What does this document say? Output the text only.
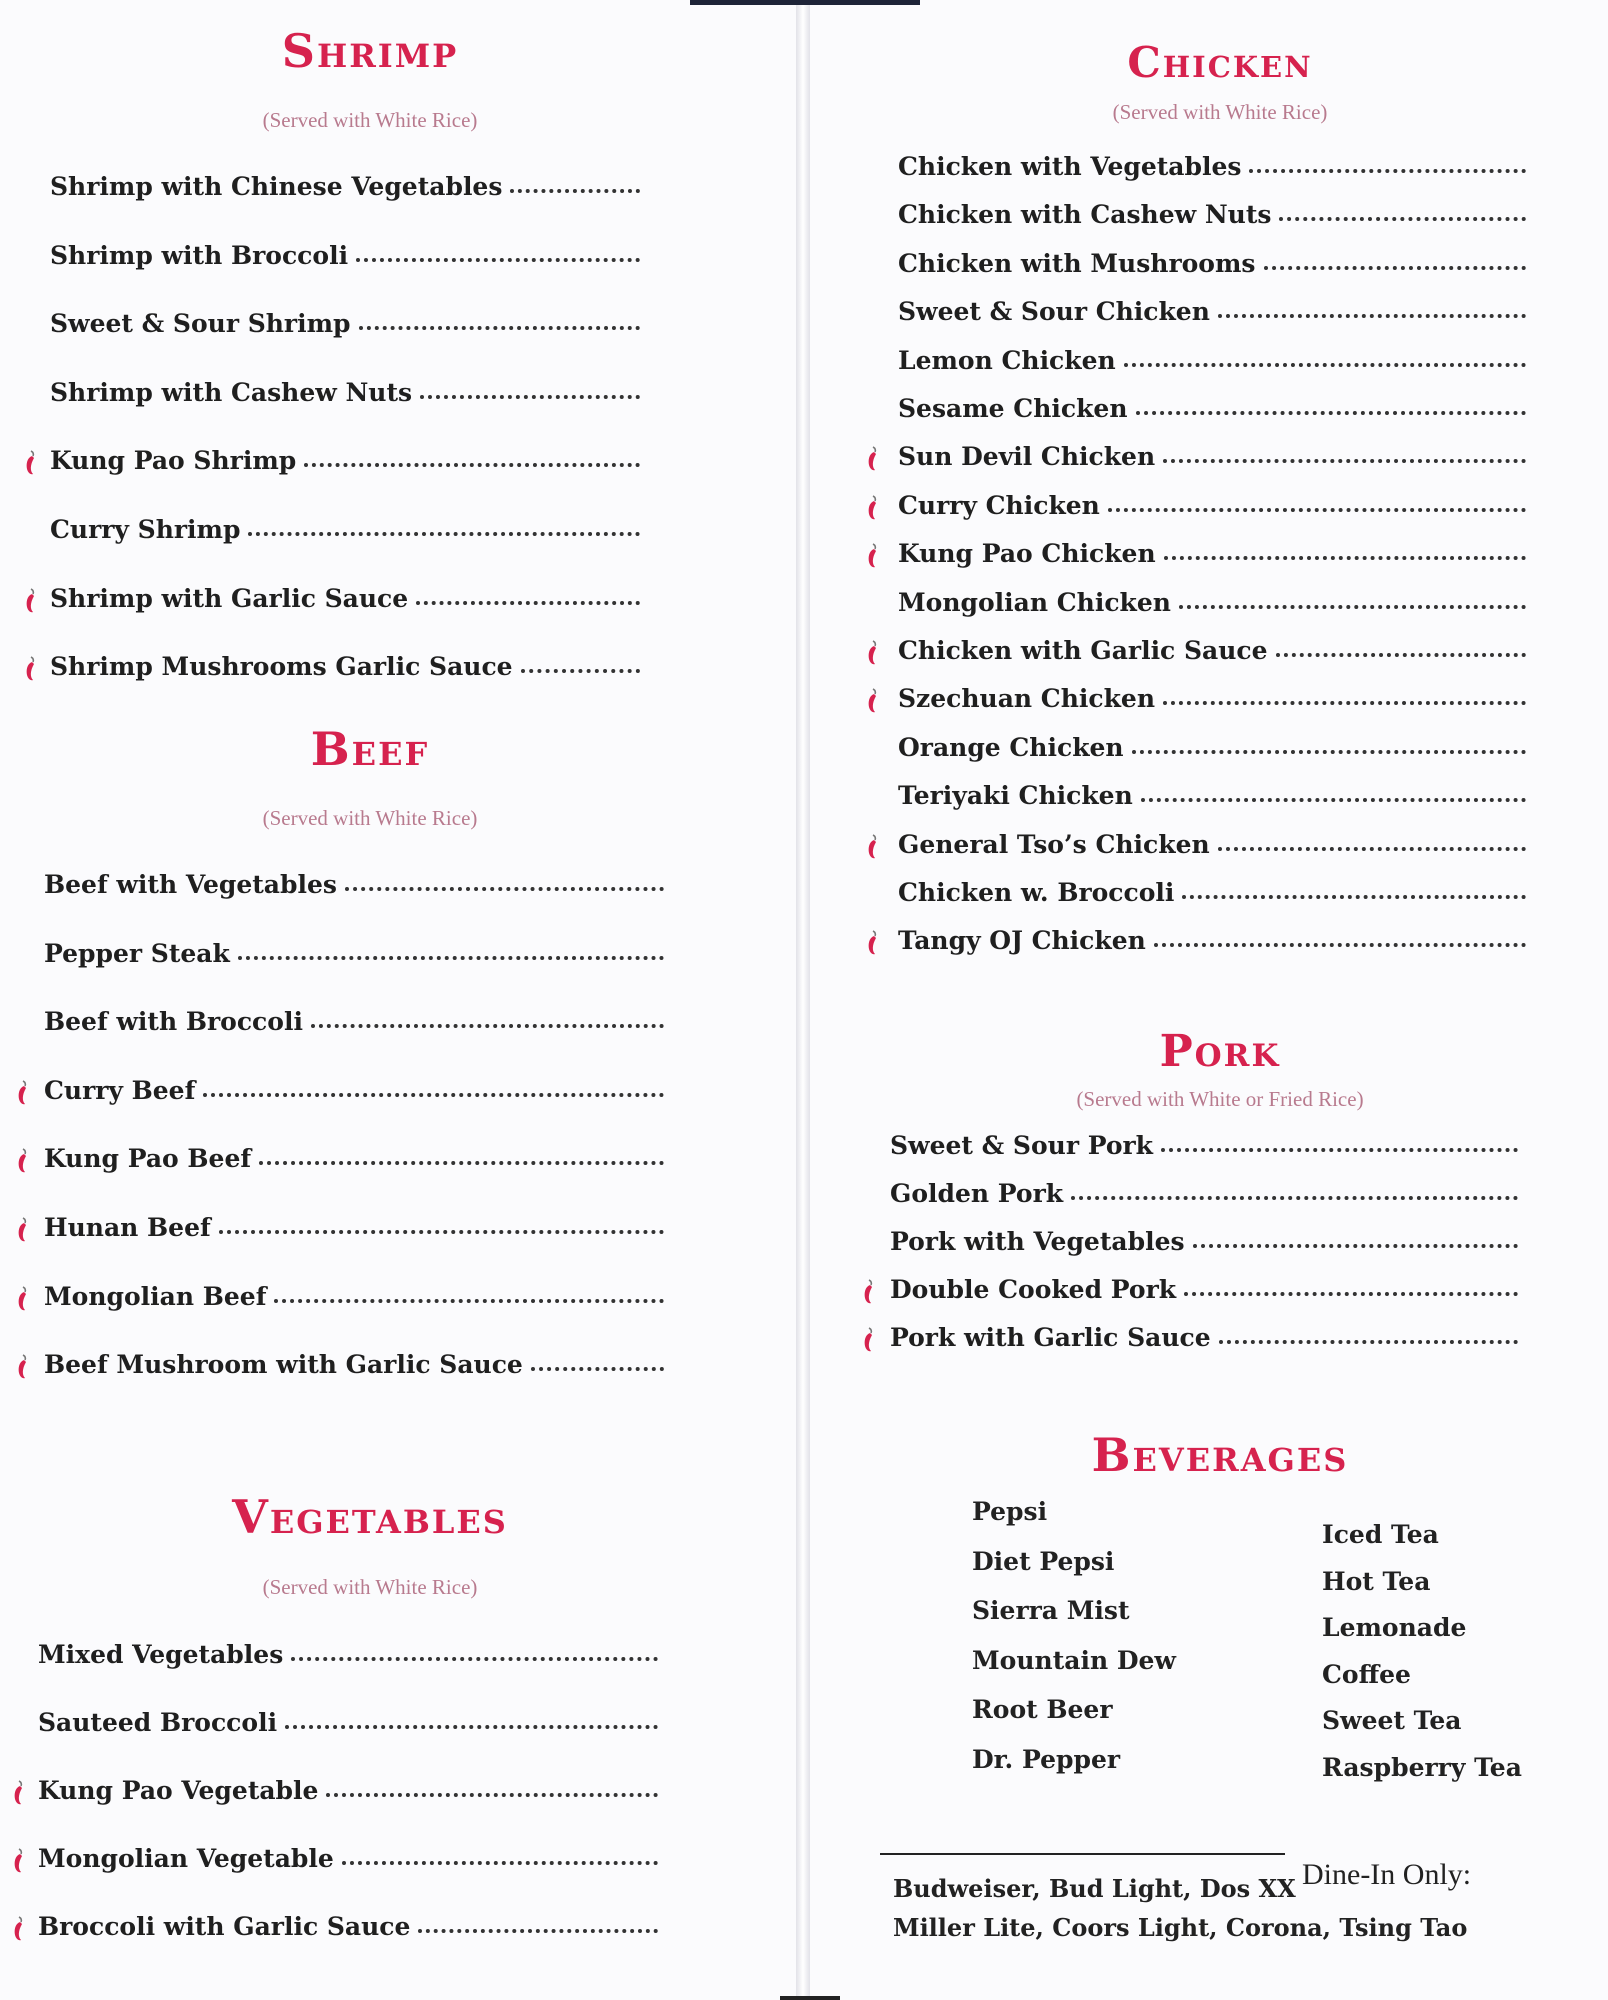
Shrimp
(Served with White Rice)
Shrimp with Chinese Vegetables
Shrimp with Broccoli
Sweet & Sour Shrimp
Shrimp with Cashew Nuts
Kung Pao Shrimp
Curry Shrimp
Shrimp with Garlic Sauce
Shrimp Mushrooms Garlic Sauce
Beef
(Served with White Rice)
Beef with Vegetables
Pepper Steak
Beef with Broccoli
Curry Beef
Kung Pao Beef
Hunan Beef
Mongolian Beef
Beef Mushroom with Garlic Sauce
Vegetables
(Served with White Rice)
Mixed Vegetables
Sauteed Broccoli
Kung Pao Vegetable
Mongolian Vegetable
Broccoli with Garlic Sauce
Chicken
(Served with White Rice)
Chicken with Vegetables
Chicken with Cashew Nuts
Chicken with Mushrooms
Sweet & Sour Chicken
Lemon Chicken
Sesame Chicken
Sun Devil Chicken
Curry Chicken
Kung Pao Chicken
Mongolian Chicken
Chicken with Garlic Sauce
Szechuan Chicken
Orange Chicken
Teriyaki Chicken
General Tso’s Chicken
Chicken w. Broccoli
Tangy OJ Chicken
Pork
(Served with White or Fried Rice)
Sweet & Sour Pork
Golden Pork
Pork with Vegetables
Double Cooked Pork
Pork with Garlic Sauce
Beverages
Pepsi
Diet Pepsi
Sierra Mist
Mountain Dew
Root Beer
Dr. Pepper
Iced Tea
Hot Tea
Lemonade
Coffee
Sweet Tea
Raspberry Tea
Dine-In Only:
Budweiser, Bud Light, Dos XX
Miller Lite, Coors Light, Corona, Tsing Tao
